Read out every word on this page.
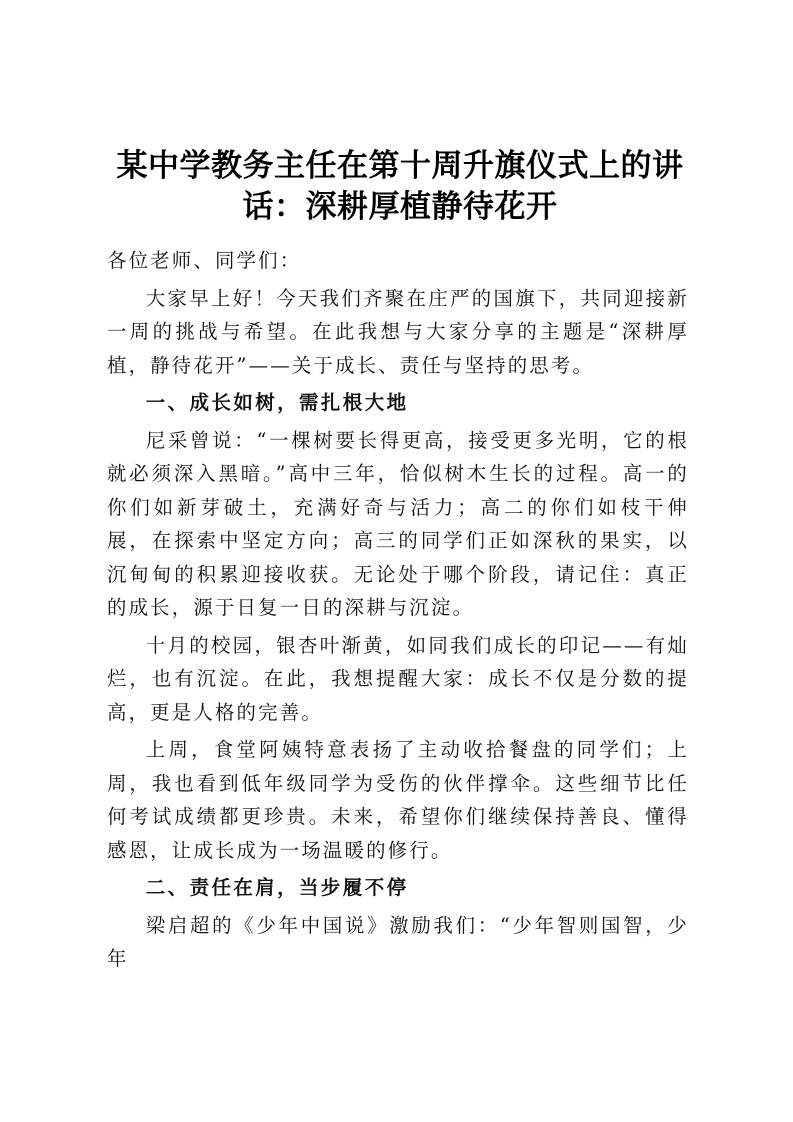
某中学教务主任在第十周升旗仪式上的讲话：深耕厚植静待花开

各位老师、同学们：

大家早上好！今天我们齐聚在庄严的国旗下，共同迎接新一周的挑战与希望。在此我想与大家分享的主题是“深耕厚植，静待花开”——关于成长、责任与坚持的思考。

一、成长如树，需扎根大地

尼采曾说：“一棵树要长得更高，接受更多光明，它的根就必须深入黑暗。”高中三年，恰似树木生长的过程。高一的你们如新芽破土，充满好奇与活力；高二的你们如枝干伸展，在探索中坚定方向；高三的同学们正如深秋的果实，以沉甸甸的积累迎接收获。无论处于哪个阶段，请记住：真正的成长，源于日复一日的深耕与沉淀。

十月的校园，银杏叶渐黄，如同我们成长的印记——有灿烂，也有沉淀。在此，我想提醒大家：成长不仅是分数的提高，更是人格的完善。

上周，食堂阿姨特意表扬了主动收拾餐盘的同学们；上周，我也看到低年级同学为受伤的伙伴撑伞。这些细节比任何考试成绩都更珍贵。未来，希望你们继续保持善良、懂得感恩，让成长成为一场温暖的修行。

二、责任在肩，当步履不停

梁启超的《少年中国说》激励我们：“少年智则国智，少年
